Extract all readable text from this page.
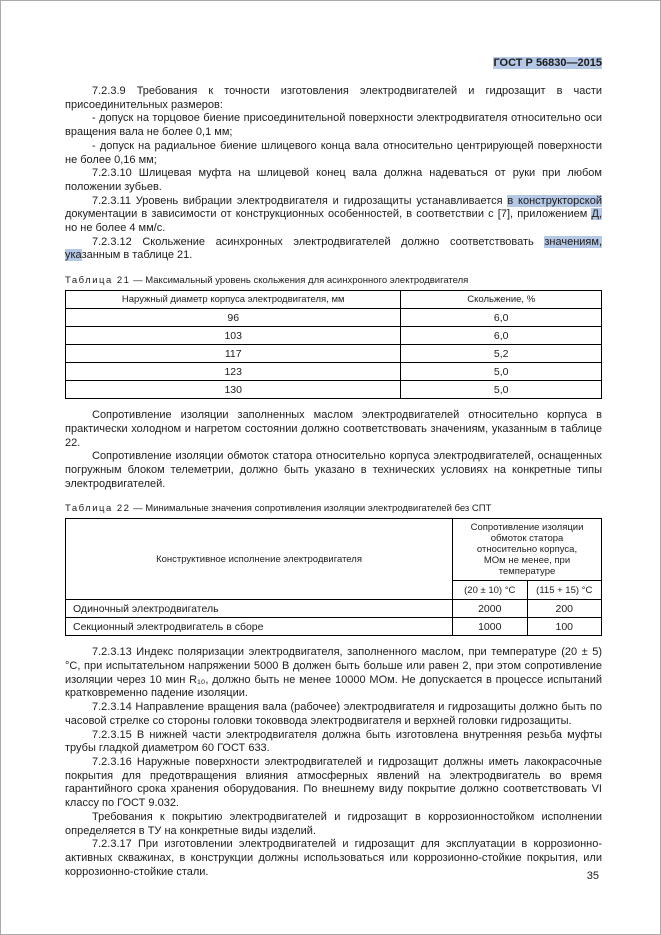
ГОСТ Р 56830—2015

7.2.3.9 Требования к точности изготовления электродвигателей и гидрозащит в части присоединительных размеров:

- допуск на торцовое биение присоединительной поверхности электродвигателя относительно оси вращения вала не более 0,1 мм;

- допуск на радиальное биение шлицевого конца вала относительно центрирующей поверхности не более 0,16 мм;

7.2.3.10 Шлицевая муфта на шлицевой конец вала должна надеваться от руки при любом положении зубьев.

7.2.3.11 Уровень вибрации электродвигателя и гидрозащиты устанавливается в конструкторской документации в зависимости от конструкционных особенностей, в соответствии с [7], приложением Д, но не более 4 мм/с.

7.2.3.12 Скольжение асинхронных электродвигателей должно соответствовать значениям, указанным в таблице 21.

Таблица 21 — Максимальный уровень скольжения для асинхронного электродвигателя
Наружный диаметр корпуса электродвигателя, мм	Скольжение, %
96	6,0
103	6,0
117	5,2
123	5,0
130	5,0

Сопротивление изоляции заполненных маслом электродвигателей относительно корпуса в практически холодном и нагретом состоянии должно соответствовать значениям, указанным в таблице 22.

Сопротивление изоляции обмоток статора относительно корпуса электродвигателей, оснащенных погружным блоком телеметрии, должно быть указано в технических условиях на конкретные типы электродвигателей.

Таблица 22 — Минимальные значения сопротивления изоляции электродвигателей без СПТ
Конструктивное исполнение электродвигателя	Сопротивление изоляции обмоток статора относительно корпуса, МОм не менее, при температуре	
	(20 ± 10) °С	(115 + 15) °С
Одиночный электродвигатель	2000	200
Секционный электродвигатель в сборе	1000	100

7.2.3.13 Индекс поляризации электродвигателя, заполненного маслом, при температуре (20 ± 5) °С, при испытательном напряжении 5000 В должен быть больше или равен 2, при этом сопротивление изоляции через 10 мин R₁₀, должно быть не менее 10000 МОм. Не допускается в процессе испытаний кратковременно падение изоляции.

7.2.3.14 Направление вращения вала (рабочее) электродвигателя и гидрозащиты должно быть по часовой стрелке со стороны головки токоввода электродвигателя и верхней головки гидрозащиты.

7.2.3.15 В нижней части электродвигателя должна быть изготовлена внутренняя резьба муфты трубы гладкой диаметром 60 ГОСТ 633.

7.2.3.16 Наружные поверхности электродвигателей и гидрозащит должны иметь лакокрасочные покрытия для предотвращения влияния атмосферных явлений на электродвигатель во время гарантийного срока хранения оборудования. По внешнему виду покрытие должно соответствовать VI классу по ГОСТ 9.032.

Требования к покрытию электродвигателей и гидрозащит в коррозионностойком исполнении определяется в ТУ на конкретные виды изделий.

7.2.3.17 При изготовлении электродвигателей и гидрозащит для эксплуатации в коррозионно-активных скважинах, в конструкции должны использоваться или коррозионно-стойкие покрытия, или коррозионно-стойкие стали.	35
